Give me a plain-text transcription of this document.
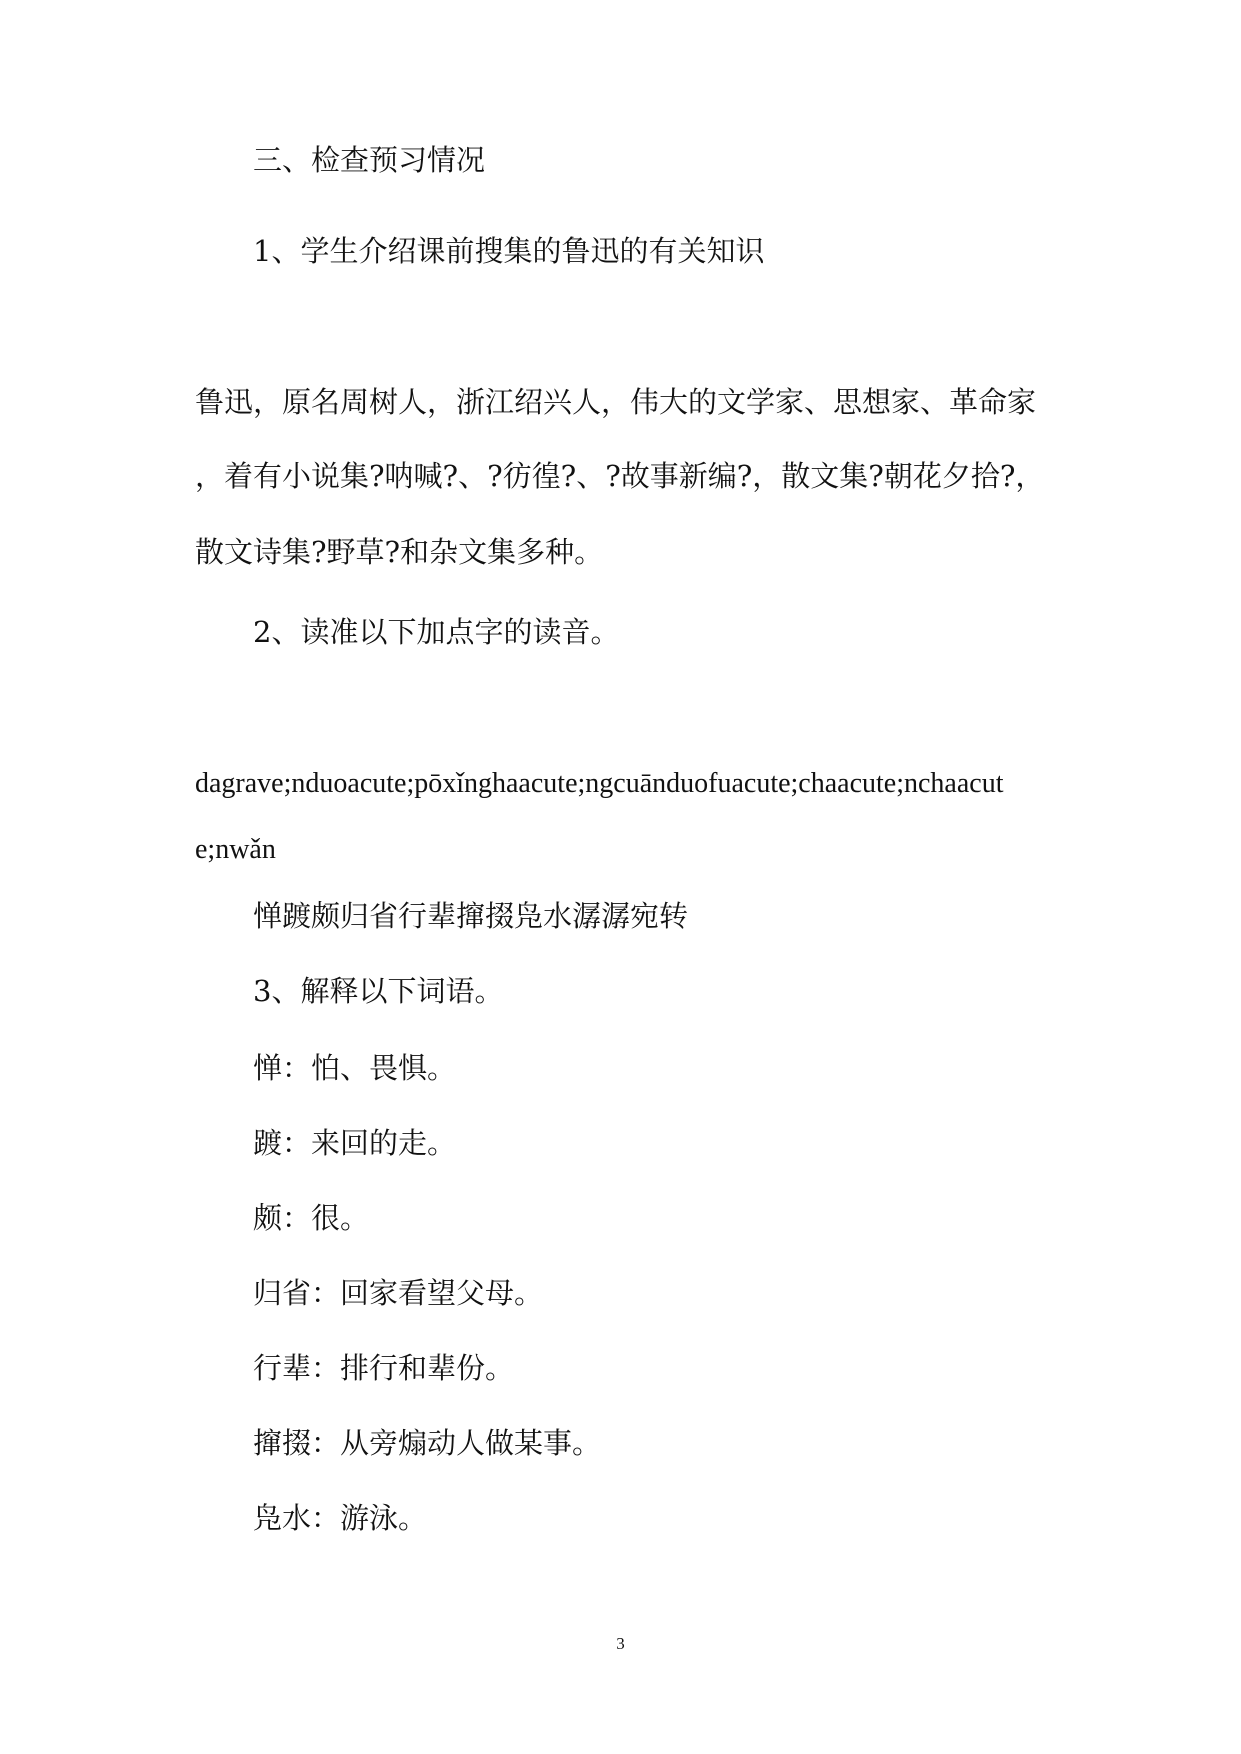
三、检查预习情况
1、学生介绍课前搜集的鲁迅的有关知识
鲁迅，原名周树人，浙江绍兴人，伟大的文学家、思想家、革命家
，着有小说集?呐喊?、?彷徨?、?故事新编?，散文集?朝花夕拾?，
散文诗集?野草?和杂文集多种。
2、读准以下加点字的读音。
dagrave;nduoacute;pōxǐnghaacute;ngcuānduofuacute;chaacute;nchaacut
e;nwǎn
惮踱颇归省行辈撺掇凫水潺潺宛转
3、解释以下词语。
惮：怕、畏惧。
踱：来回的走。
颇：很。
归省：回家看望父母。
行辈：排行和辈份。
撺掇：从旁煽动人做某事。
凫水：游泳。
3
